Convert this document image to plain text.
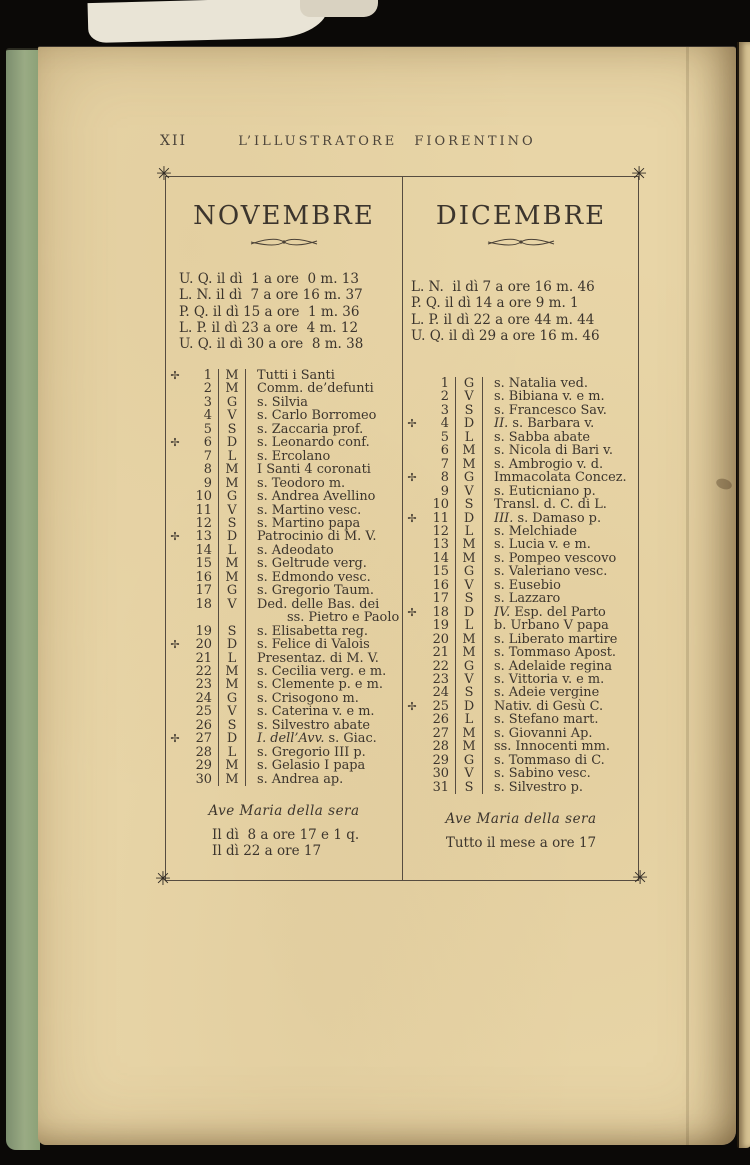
XII	L’ILLUSTRATORE FIORENTINO
✳	✳
✳	✳
NOVEMBRE
U. Q. il dì  1 a ore  0 m. 13
L. N. il dì  7 a ore 16 m. 37
P. Q. il dì 15 a ore  1 m. 36
L. P. il dì 23 a ore  4 m. 12
U. Q. il dì 30 a ore  8 m. 38
✢	1	M	Tutti i Santi
2	M	Comm. de’defunti
3	G	s. Silvia
4	V	s. Carlo Borromeo
5	S	s. Zaccaria prof.
✢	6	D	s. Leonardo conf.
7	L	s. Ercolano
8	M	I Santi 4 coronati
9	M	s. Teodoro m.
10	G	s. Andrea Avellino
11	V	s. Martino vesc.
12	S	s. Martino papa
✢	13	D	Patrocinio di M. V.
14	L	s. Adeodato
15	M	s. Geltrude verg.
16	M	s. Edmondo vesc.
17	G	s. Gregorio Taum.
18	V	Ded. delle Bas. dei
ss. Pietro e Paolo
19	S	s. Elisabetta reg.
✢	20	D	s. Felice di Valois
21	L	Presentaz. di M. V.
22	M	s. Cecilia verg. e m.
23	M	s. Clemente p. e m.
24	G	s. Crisogono m.
25	V	s. Caterina v. e m.
26	S	s. Silvestro abate
✢	27	D	I. dell’Avv. s. Giac.
28	L	s. Gregorio III p.
29	M	s. Gelasio I papa
30	M	s. Andrea ap.
Ave Maria della sera
Il dì  8 a ore 17 e 1 q.
Il dì 22 a ore 17
DICEMBRE
L. N.  il dì 7 a ore 16 m. 46
P. Q. il dì 14 a ore 9 m. 1
L. P. il dì 22 a ore 44 m. 44
U. Q. il dì 29 a ore 16 m. 46
1	G	s. Natalia ved.
2	V	s. Bibiana v. e m.
3	S	s. Francesco Sav.
✢	4	D	II. s. Barbara v.
5	L	s. Sabba abate
6	M	s. Nicola di Bari v.
7	M	s. Ambrogio v. d.
✢	8	G	Immacolata Concez.
9	V	s. Euticniano p.
10	S	Transl. d. C. di L.
✢	11	D	III. s. Damaso p.
12	L	s. Melchiade
13	M	s. Lucia v. e m.
14	M	s. Pompeo vescovo
15	G	s. Valeriano vesc.
16	V	s. Eusebio
17	S	s. Lazzaro
✢	18	D	IV. Esp. del Parto
19	L	b. Urbano V papa
20	M	s. Liberato martire
21	M	s. Tommaso Apost.
22	G	s. Adelaide regina
23	V	s. Vittoria v. e m.
24	S	s. Adeie vergine
✢	25	D	Nativ. di Gesù C.
26	L	s. Stefano mart.
27	M	s. Giovanni Ap.
28	M	ss. Innocenti mm.
29	G	s. Tommaso di C.
30	V	s. Sabino vesc.
31	S	s. Silvestro p.
Ave Maria della sera
Tutto il mese a ore 17
